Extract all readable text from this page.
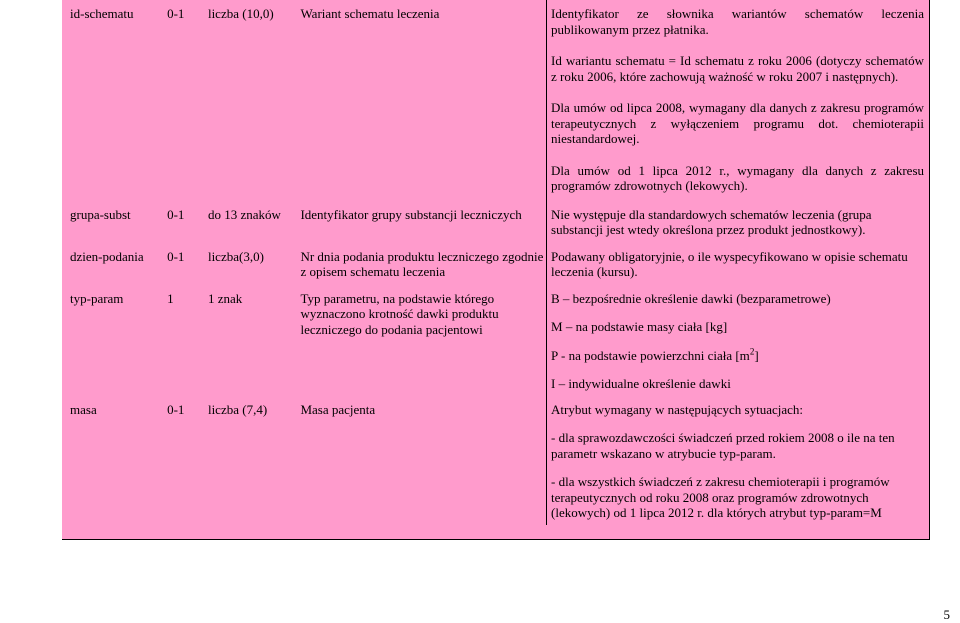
id-schematu	0-1	liczba (10,0)	Wariant schematu leczenia	Identyfikator ze słownika wariantów schematów leczenia publikowanym przez płatnika.

Id wariantu schematu = Id schematu z roku 2006 (dotyczy schematów z roku 2006, które zachowują ważność w roku 2007 i następnych).

Dla umów od lipca 2008, wymagany dla danych z zakresu programów terapeutycznych z wyłączeniem programu dot. chemioterapii niestandardowej.

Dla umów od 1 lipca 2012 r., wymagany dla danych z zakresu programów zdrowotnych (lekowych).

grupa-subst	0-1	do 13 znaków	Identyfikator grupy substancji leczniczych	Nie występuje dla standardowych schematów leczenia (grupa substancji jest wtedy określona przez produkt jednostkowy).

dzien-podania	0-1	liczba(3,0)	Nr dnia podania produktu leczniczego zgodnie z opisem schematu leczenia	Podawany obligatoryjnie, o ile wyspecyfikowano w opisie schematu leczenia (kursu).

typ-param	1	1 znak	Typ parametru, na podstawie którego wyznaczono krotność dawki produktu leczniczego do podania pacjentowi	B – bezpośrednie określenie dawki (bezparametrowe)

M – na podstawie masy ciała [kg]

P - na podstawie powierzchni ciała $[m^2]$

I – indywidualne określenie dawki

masa	0-1	liczba (7,4)	Masa pacjenta	Atrybut wymagany w następujących sytuacjach:

- dla sprawozdawczości świadczeń przed rokiem 2008 o ile na ten parametr wskazano w atrybucie typ-param.

- dla wszystkich świadczeń z zakresu chemioterapii i programów terapeutycznych od roku 2008 oraz programów zdrowotnych (lekowych) od 1 lipca 2012 r. dla których atrybut typ-param=M

5
